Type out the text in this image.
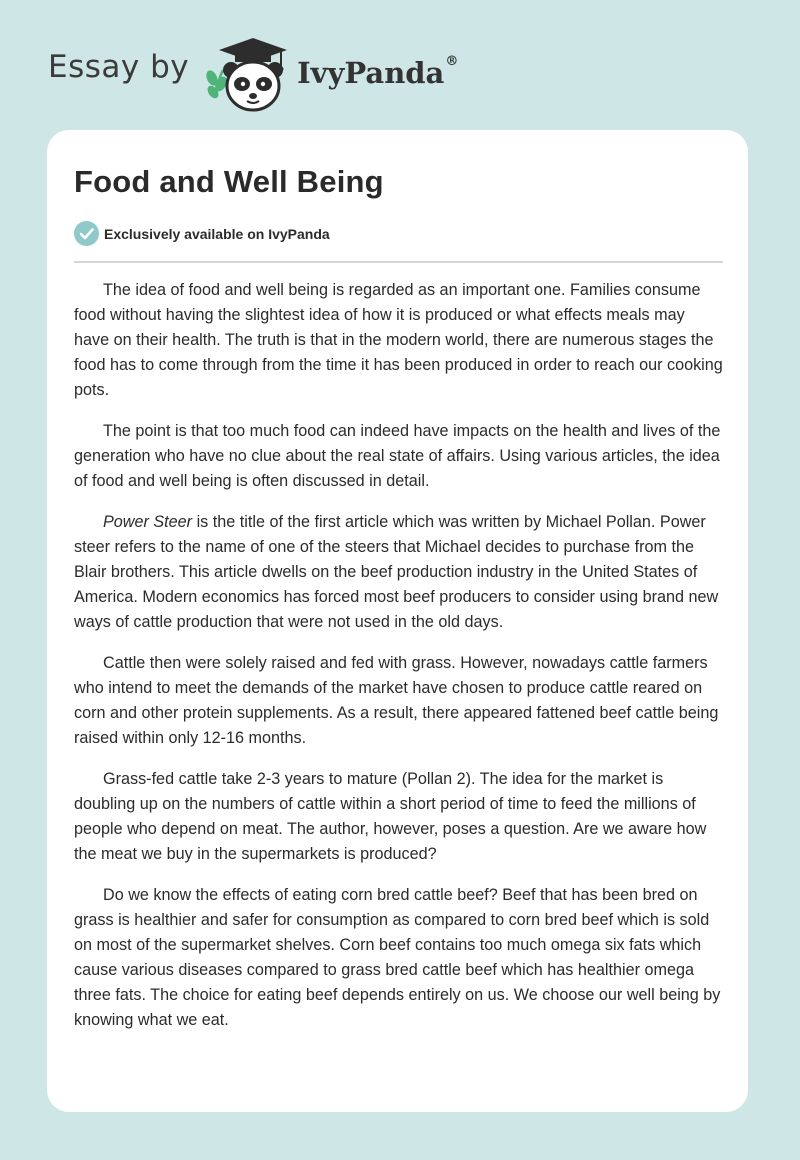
Essay by	IvyPanda®
Food and Well Being
Exclusively available on IvyPanda

The idea of food and well being is regarded as an important one. Families consume food without having the slightest idea of how it is produced or what effects meals may have on their health. The truth is that in the modern world, there are numerous stages the food has to come through from the time it has been produced in order to reach our cooking pots.

The point is that too much food can indeed have impacts on the health and lives of the generation who have no clue about the real state of affairs. Using various articles, the idea of food and well being is often discussed in detail.

Power Steer is the title of the first article which was written by Michael Pollan. Power steer refers to the name of one of the steers that Michael decides to purchase from the Blair brothers. This article dwells on the beef production industry in the United States of America. Modern economics has forced most beef producers to consider using brand new ways of cattle production that were not used in the old days.

Cattle then were solely raised and fed with grass. However, nowadays cattle farmers who intend to meet the demands of the market have chosen to produce cattle reared on corn and other protein supplements. As a result, there appeared fattened beef cattle being raised within only 12-16 months.

Grass-fed cattle take 2-3 years to mature (Pollan 2). The idea for the market is doubling up on the numbers of cattle within a short period of time to feed the millions of people who depend on meat. The author, however, poses a question. Are we aware how the meat we buy in the supermarkets is produced?

Do we know the effects of eating corn bred cattle beef? Beef that has been bred on grass is healthier and safer for consumption as compared to corn bred beef which is sold on most of the supermarket shelves. Corn beef contains too much omega six fats which cause various diseases compared to grass bred cattle beef which has healthier omega three fats. The choice for eating beef depends entirely on us. We choose our well being by knowing what we eat.
